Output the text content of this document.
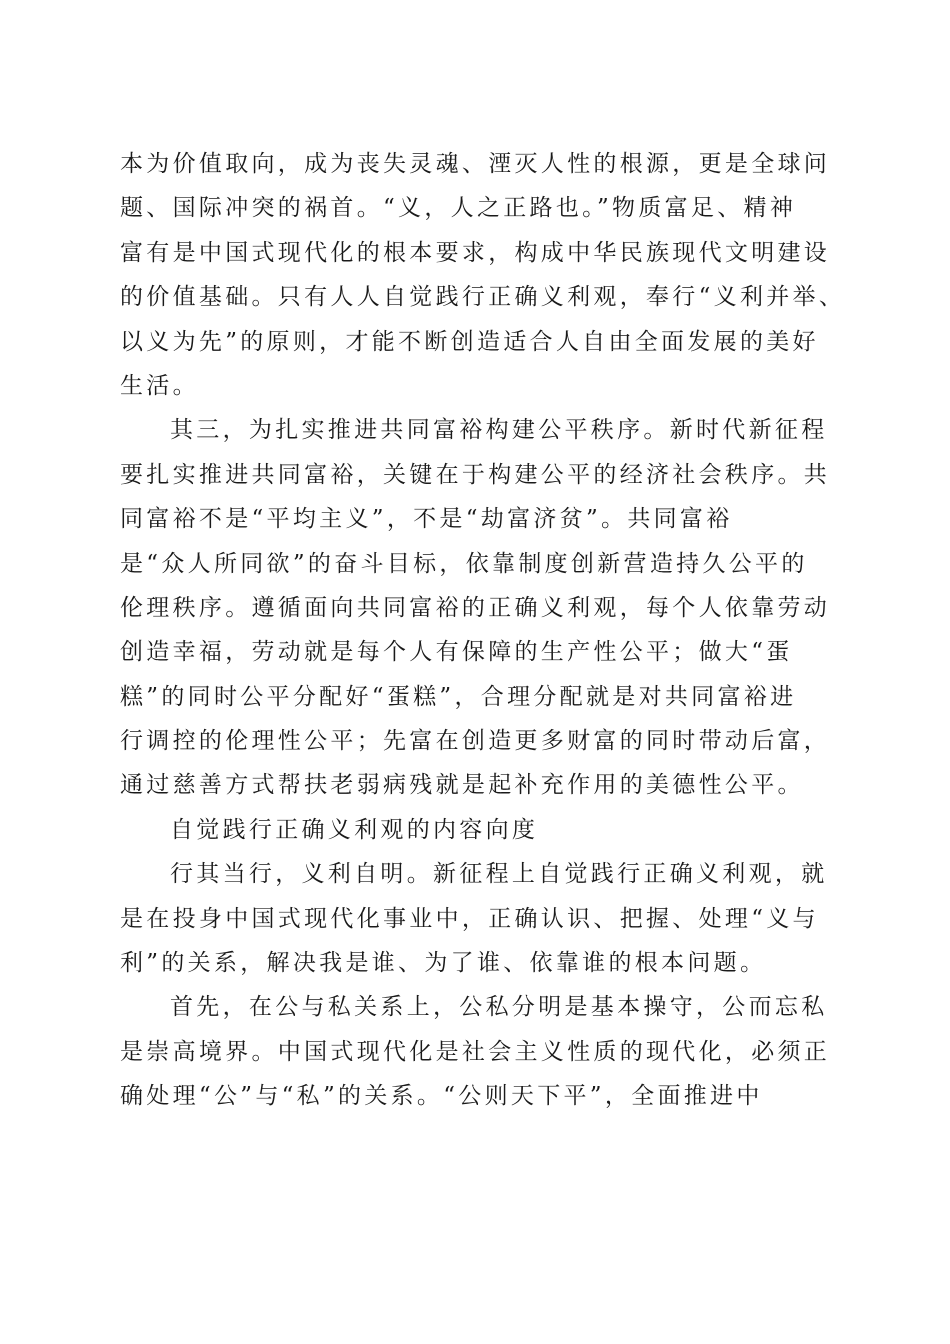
本为价值取向，成为丧失灵魂、湮灭人性的根源，更是全球问
题、国际冲突的祸首。“义，人之正路也。”物质富足、精神
富有是中国式现代化的根本要求，构成中华民族现代文明建设
的价值基础。只有人人自觉践行正确义利观，奉行“义利并举、
以义为先”的原则，才能不断创造适合人自由全面发展的美好
生活。
其三，为扎实推进共同富裕构建公平秩序。新时代新征程
要扎实推进共同富裕，关键在于构建公平的经济社会秩序。共
同富裕不是“平均主义”，不是“劫富济贫”。共同富裕
是“众人所同欲”的奋斗目标，依靠制度创新营造持久公平的
伦理秩序。遵循面向共同富裕的正确义利观，每个人依靠劳动
创造幸福，劳动就是每个人有保障的生产性公平；做大“蛋
糕”的同时公平分配好“蛋糕”，合理分配就是对共同富裕进
行调控的伦理性公平；先富在创造更多财富的同时带动后富，
通过慈善方式帮扶老弱病残就是起补充作用的美德性公平。
自觉践行正确义利观的内容向度
行其当行，义利自明。新征程上自觉践行正确义利观，就
是在投身中国式现代化事业中，正确认识、把握、处理“义与
利”的关系，解决我是谁、为了谁、依靠谁的根本问题。
首先，在公与私关系上，公私分明是基本操守，公而忘私
是崇高境界。中国式现代化是社会主义性质的现代化，必须正
确处理“公”与“私”的关系。“公则天下平”，全面推进中
